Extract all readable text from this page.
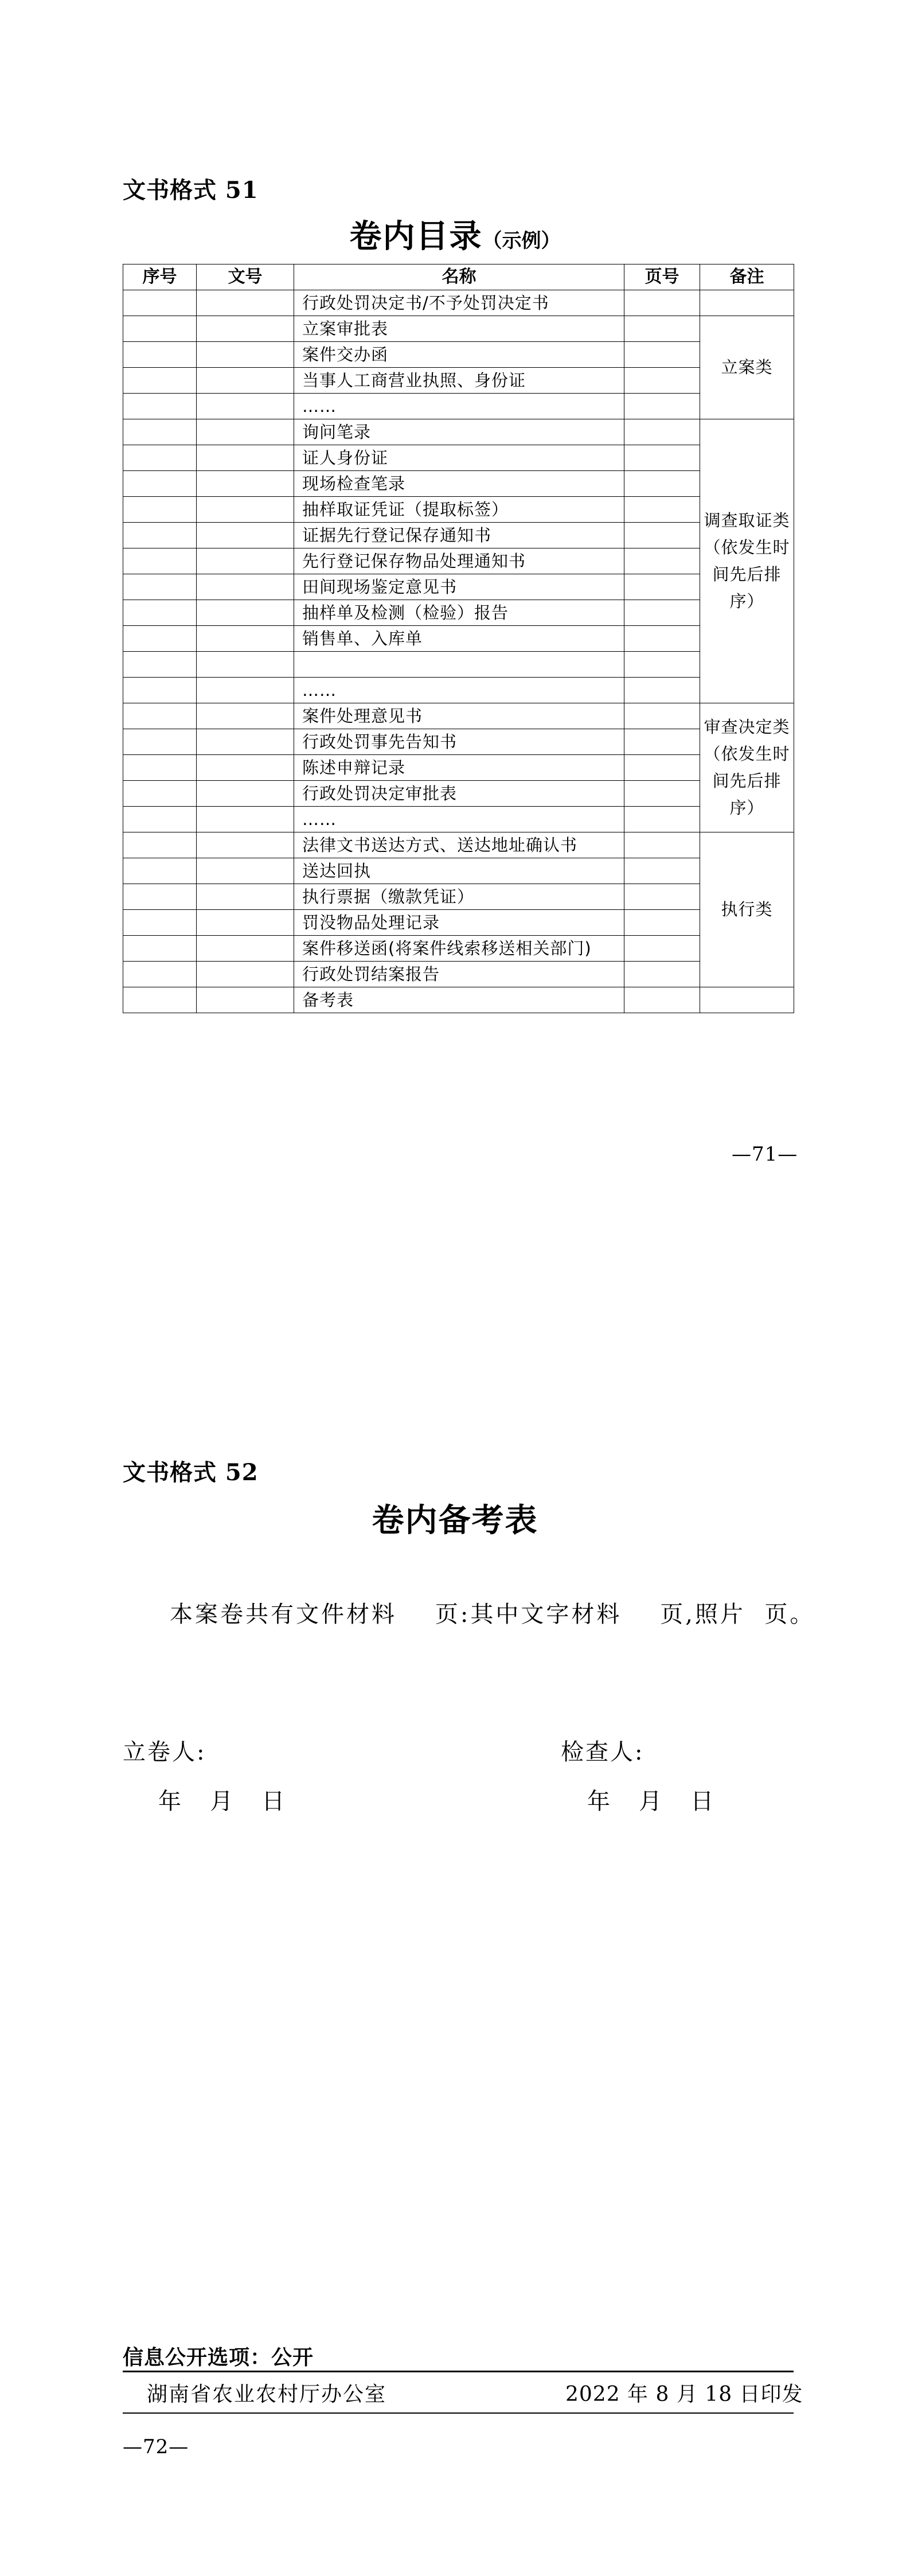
文书格式 51
卷内目录（示例）
序号	文号	名称	页号	备注
		行政处罚决定书/不予处罚决定书		
		立案审批表		立案类
		案件交办函		
		当事人工商营业执照、身份证		
		……		
		询问笔录		调查取证类（依发生时间先后排序）
		证人身份证		
		现场检查笔录		
		抽样取证凭证（提取标签）		
		证据先行登记保存通知书		
		先行登记保存物品处理通知书		
		田间现场鉴定意见书		
		抽样单及检测（检验）报告		
		销售单、入库单		

		……		
		案件处理意见书		审查决定类（依发生时间先后排序）
		行政处罚事先告知书		
		陈述申辩记录		
		行政处罚决定审批表		
		……		
		法律文书送达方式、送达地址确认书		执行类
		送达回执		
		执行票据（缴款凭证）		
		罚没物品处理记录		
		案件移送函(将案件线索移送相关部门)		
		行政处罚结案报告		
		备考表		
—71—
文书格式 52
卷内备考表
本案卷共有文件材料    页:其中文字材料    页,照片  页。
立卷人:	检查人:
年   月   日	年   月   日
信息公开选项：公开
湖南省农业农村厅办公室	2022 年 8 月 18 日印发
—72—
